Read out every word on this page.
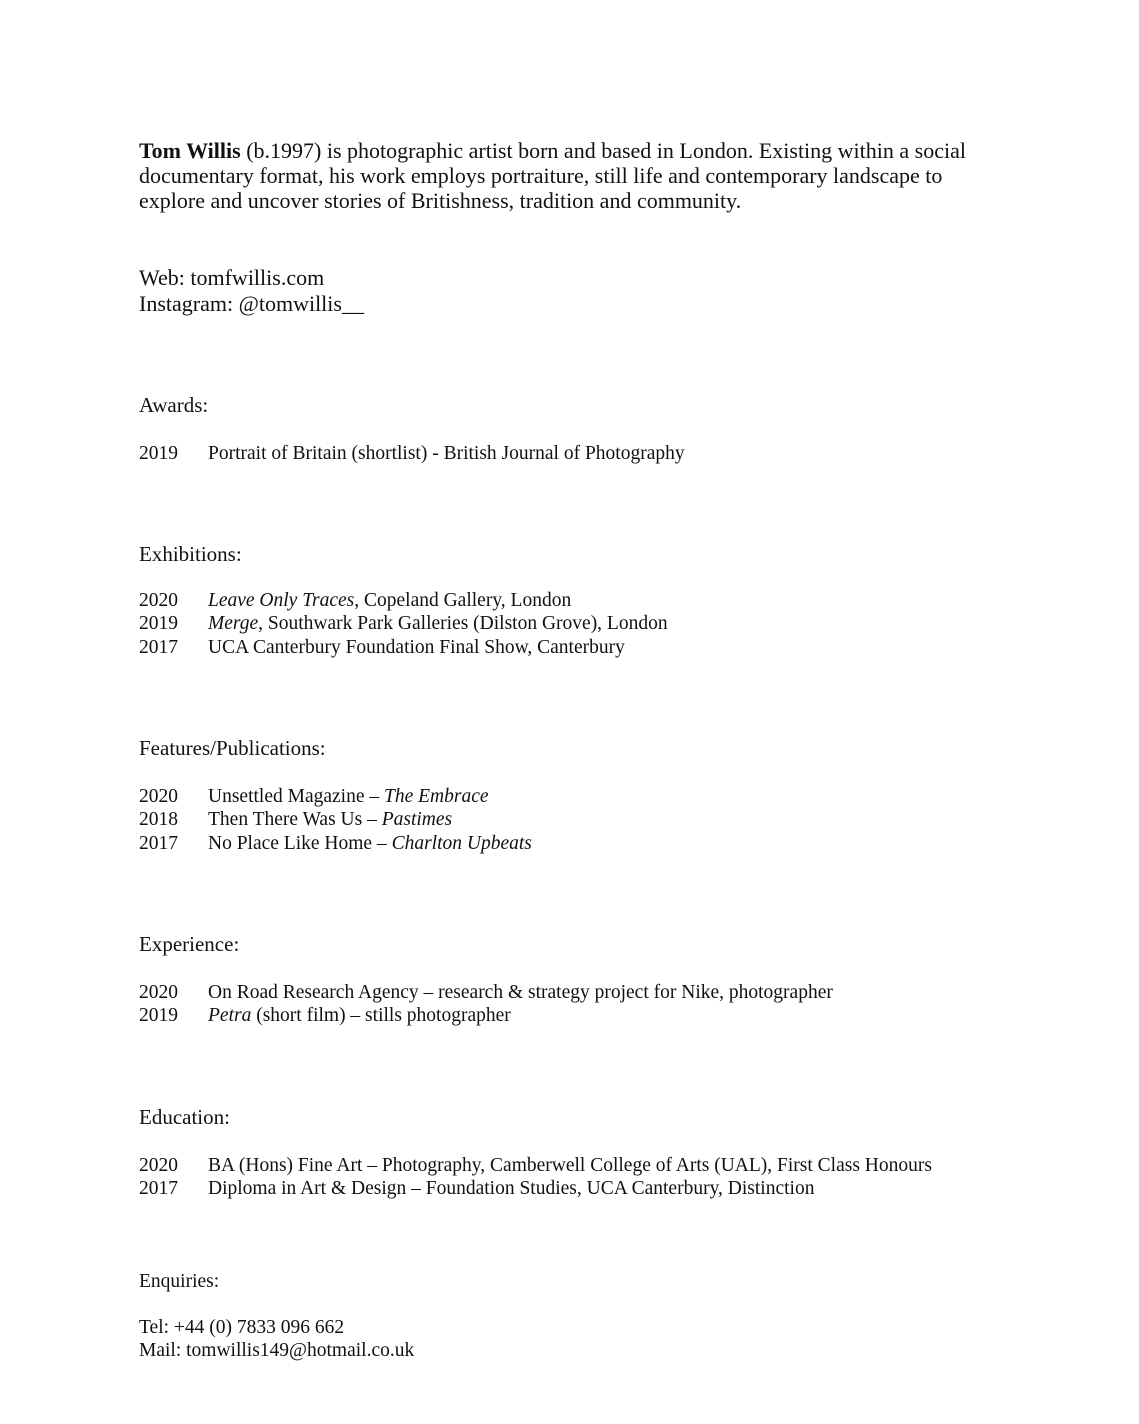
Tom Willis (b.1997) is photographic artist born and based in London. Existing within a social documentary format, his work employs portraiture, still life and contemporary landscape to explore and uncover stories of Britishness, tradition and community.

Web: tomfwillis.com
Instagram: @tomwillis__
Awards:
2019	Portrait of Britain (shortlist) - British Journal of Photography
Exhibitions:
2020	Leave Only Traces, Copeland Gallery, London
2019	Merge, Southwark Park Galleries (Dilston Grove), London
2017	UCA Canterbury Foundation Final Show, Canterbury
Features/Publications:
2020	Unsettled Magazine – The Embrace
2018	Then There Was Us – Pastimes
2017	No Place Like Home – Charlton Upbeats
Experience:
2020	On Road Research Agency – research & strategy project for Nike, photographer
2019	Petra (short film) – stills photographer
Education:
2020	BA (Hons) Fine Art – Photography, Camberwell College of Arts (UAL), First Class Honours
2017	Diploma in Art & Design – Foundation Studies, UCA Canterbury, Distinction
Enquiries:
Tel: +44 (0) 7833 096 662
Mail: tomwillis149@hotmail.co.uk
